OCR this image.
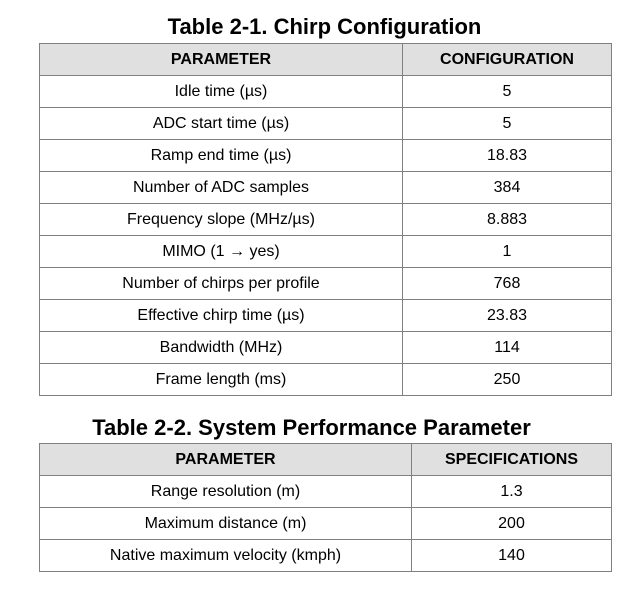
Table 2-1. Chirp Configuration
PARAMETER	CONFIGURATION
Idle time (µs)	5
ADC start time (µs)	5
Ramp end time (µs)	18.83
Number of ADC samples	384
Frequency slope (MHz/µs)	8.883
MIMO (1 → yes)	1
Number of chirps per profile	768
Effective chirp time (µs)	23.83
Bandwidth (MHz)	114
Frame length (ms)	250
Table 2-2. System Performance Parameter
PARAMETER	SPECIFICATIONS
Range resolution (m)	1.3
Maximum distance (m)	200
Native maximum velocity (kmph)	140
